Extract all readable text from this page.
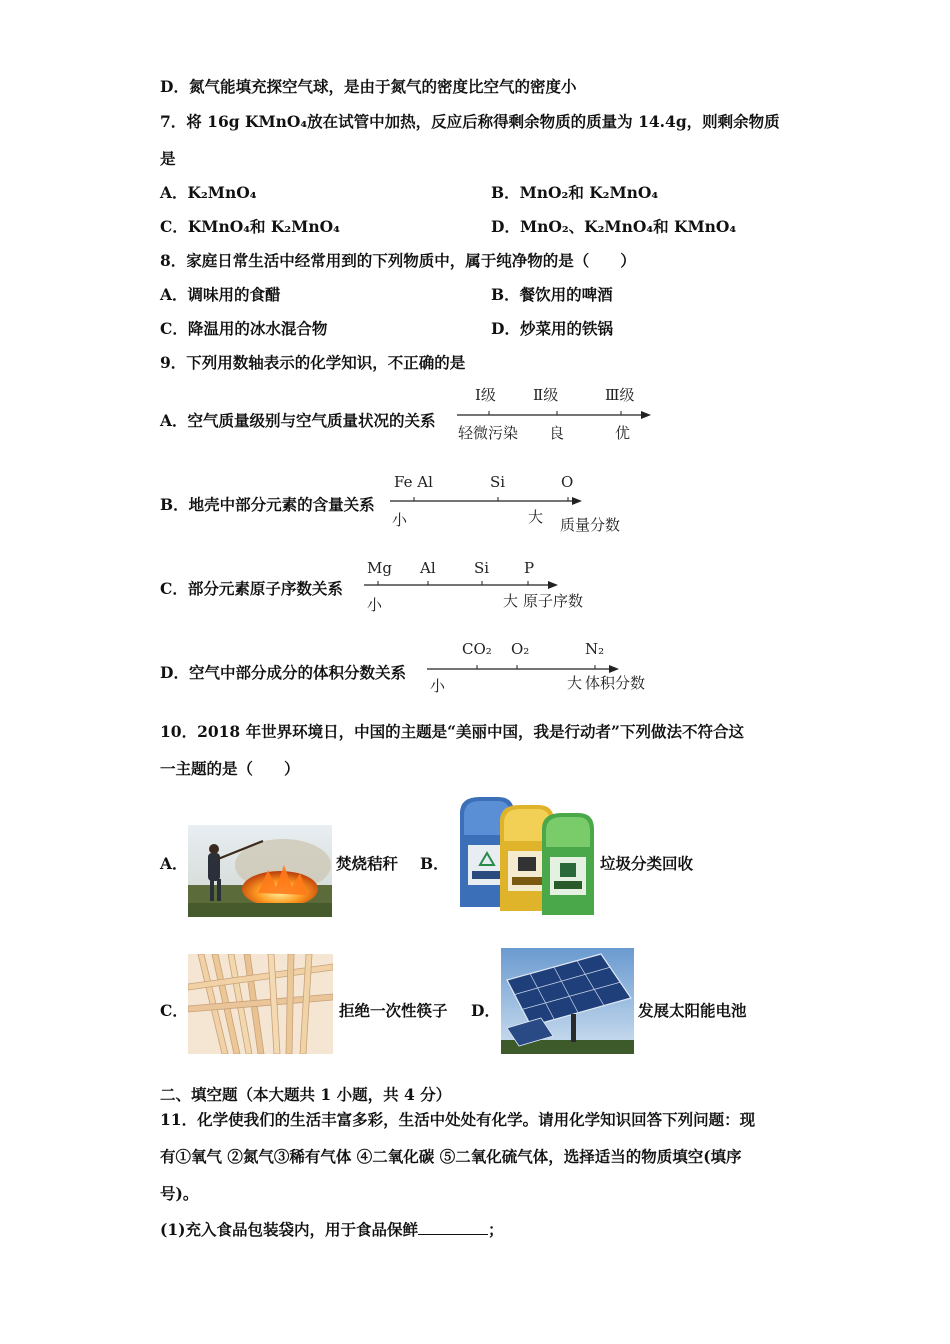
D．氮气能填充探空气球，是由于氮气的密度比空气的密度小
7．将 16g KMnO₄放在试管中加热，反应后称得剩余物质的质量为 14.4g，则剩余物质
是
A．K₂MnO₄	B．MnO₂和 K₂MnO₄
C．KMnO₄和 K₂MnO₄	D．MnO₂、K₂MnO₄和 KMnO₄
8．家庭日常生活中经常用到的下列物质中，属于纯净物的是（　　）
A．调味用的食醋	B．餐饮用的啤酒
C．降温用的冰水混合物	D．炒菜用的铁锅
9．下列用数轴表示的化学知识，不正确的是
A．空气质量级别与空气质量状况的关系
Ⅰ级 Ⅱ级	Ⅲ级
轻微污染 良	优
B．地壳中部分元素的含量关系
Fe Al	Si	O
小	大 质量分数
C．部分元素原子序数关系
Mg Al	Si P
小	大 原子序数
D．空气中部分成分的体积分数关系
CO₂ O₂	N₂
小	大 体积分数
10．2018 年世界环境日，中国的主题是“美丽中国，我是行动者”下列做法不符合这
一主题的是（　　）
A．	焚烧秸秆 B．	垃圾分类回收
C．	拒绝一次性筷子 D．	发展太阳能电池
二、填空题（本大题共 1 小题，共 4 分）
11．化学使我们的生活丰富多彩，生活中处处有化学。请用化学知识回答下列问题：现
有①氧气 ②氮气③稀有气体 ④二氧化碳 ⑤二氧化硫气体，选择适当的物质填空(填序
号)。
(1)充入食品包装袋内，用于食品保鲜	；
